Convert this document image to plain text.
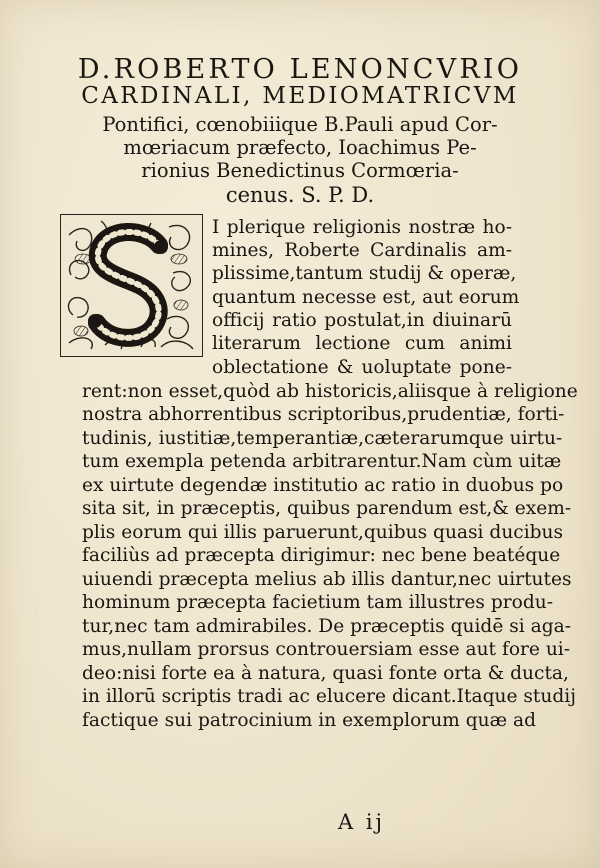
D.ROBERTO LENONCVRIO
CARDINALI, MEDIOMATRICVM
Pontifici, cœnobiiique B.Pauli apud Cor-
mœriacum præfecto, Ioachimus Pe-
rionius Benedictinus Cormœria-
cenus. S. P. D.
I plerique religionis nostræ ho-
mines, Roberte Cardinalis am-
plissime,tantum studij & operæ,
quantum necesse est, aut eorum
officij ratio postulat,in diuinarū
literarum lectione cum animi
oblectatione & uoluptate pone-
rent:non esset,quòd ab historicis,aliisque à religione
nostra abhorrentibus scriptoribus,prudentiæ, forti-
tudinis, iustitiæ,temperantiæ,cæterarumque uirtu-
tum exempla petenda arbitrarentur.Nam cùm uitæ
ex uirtute degendæ institutio ac ratio in duobus po
sita sit, in præceptis, quibus parendum est,& exem-
plis eorum qui illis paruerunt,quibus quasi ducibus
faciliùs ad præcepta dirigimur: nec bene beatéque
uiuendi præcepta melius ab illis dantur,nec uirtutes
hominum præcepta facietium tam illustres produ-
tur,nec tam admirabiles. De præceptis quidē si aga-
mus,nullam prorsus controuersiam esse aut fore ui-
deo:nisi forte ea à natura, quasi fonte orta & ducta,
in illorū scriptis tradi ac elucere dicant.Itaque studij
factique sui patrocinium in exemplorum quæ ad
A ij
